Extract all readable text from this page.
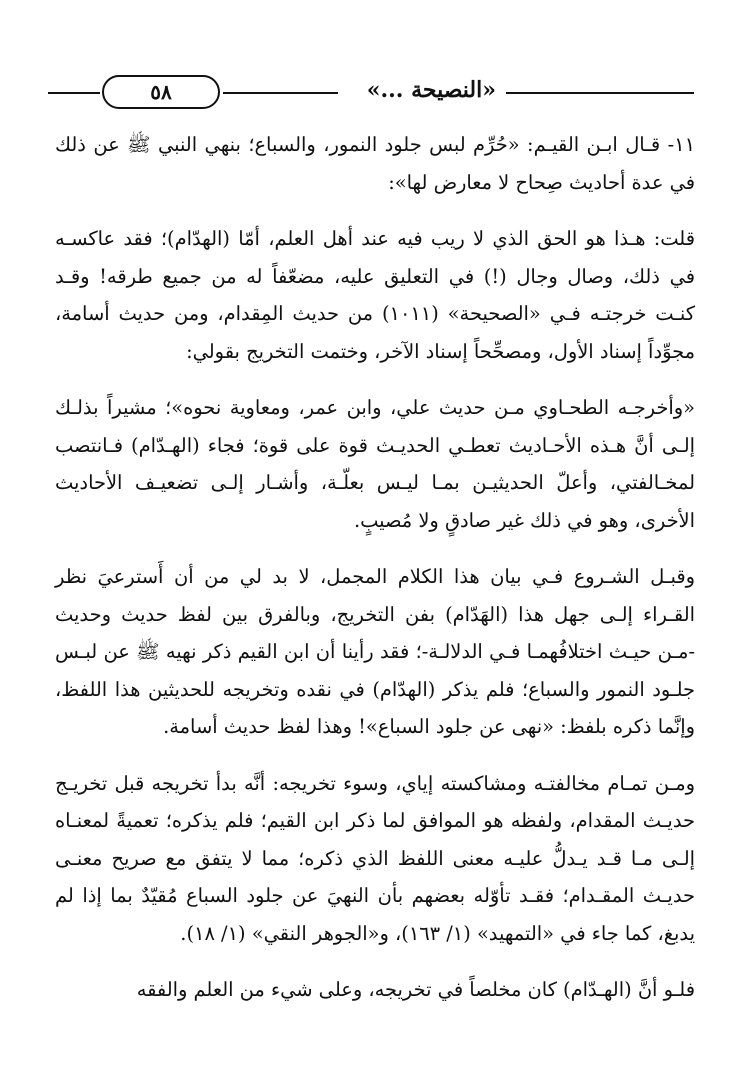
«النصيحة ...»
٥٨

١١- قـال ابـن القيـم: «حُرِّم لبس جلود النمور، والسباع؛ بنهي النبي ﷺ عن ذلك في عدة أحاديث صِحاح لا معارض لها»:

قلت: هـذا هو الحق الذي لا ريب فيه عند أهل العلم، أمّا (الهدّام)؛ فقد عاكسـه في ذلك، وصال وجال (!) في التعليق عليه، مضعّفاً له من جميع طرقه! وقـد كنـت خرجتـه فـي «الصحيحة» (١٠١١) من حديث المِقدام، ومن حديث أسامة، مجوِّداً إسناد الأول، ومصحِّحاً إسناد الآخر، وختمت التخريج بقولي:

«وأخرجـه الطحـاوي مـن حديث علي، وابن عمر، ومعاوية نحوه»؛ مشيراً بذلـك إلـى أنَّ هـذه الأحـاديث تعطـي الحديـث قوة على قوة؛ فجاء (الهـدّام) فـانتصب لمخـالفتي، وأعلّ الحديثيـن بمـا ليـس بعلّـة، وأشـار إلـى تضعيـف الأحاديث الأخرى، وهو في ذلك غير صادقٍ ولا مُصيبٍ.

وقبـل الشـروع فـي بيان هذا الكلام المجمل، لا بد لي من أن أَسترعيَ نظر القـراء إلـى جهل هذا (الهَدّام) بفن التخريج، وبالفرق بين لفظ حديث وحديث -مـن حيـث اختلافُهمـا فـي الدلالـة-؛ فقد رأينا أن ابن القيم ذكر نهيه ﷺ عن لبـس جلـود النمور والسباع؛ فلم يذكر (الهدّام) في نقده وتخريجه للحديثين هذا اللفظ، وإنَّما ذكره بلفظ: «نهى عن جلود السباع»! وهذا لفظ حديث أسامة.

ومـن تمـام مخالفتـه ومشاكسته إياي، وسوء تخريجه: أنَّه بدأ تخريجه قبل تخريـج حديـث المقدام، ولفظه هو الموافق لما ذكر ابن القيم؛ فلم يذكره؛ تعميةً لمعنـاه إلـى مـا قـد يـدلُّ عليـه معنى اللفظ الذي ذكره؛ مما لا يتفق مع صريح معنـى حديـث المقـدام؛ فقـد تأوّله بعضهم بأن النهيَ عن جلود السباع مُقيّدٌ بما إذا لم يدبغ، كما جاء في «التمهيد» (١/ ١٦٣)، و«الجوهر النقي» (١/ ١٨).

فلـو أنَّ (الهـدّام) كان مخلصاً في تخريجه، وعلى شيء من العلم والفقه
